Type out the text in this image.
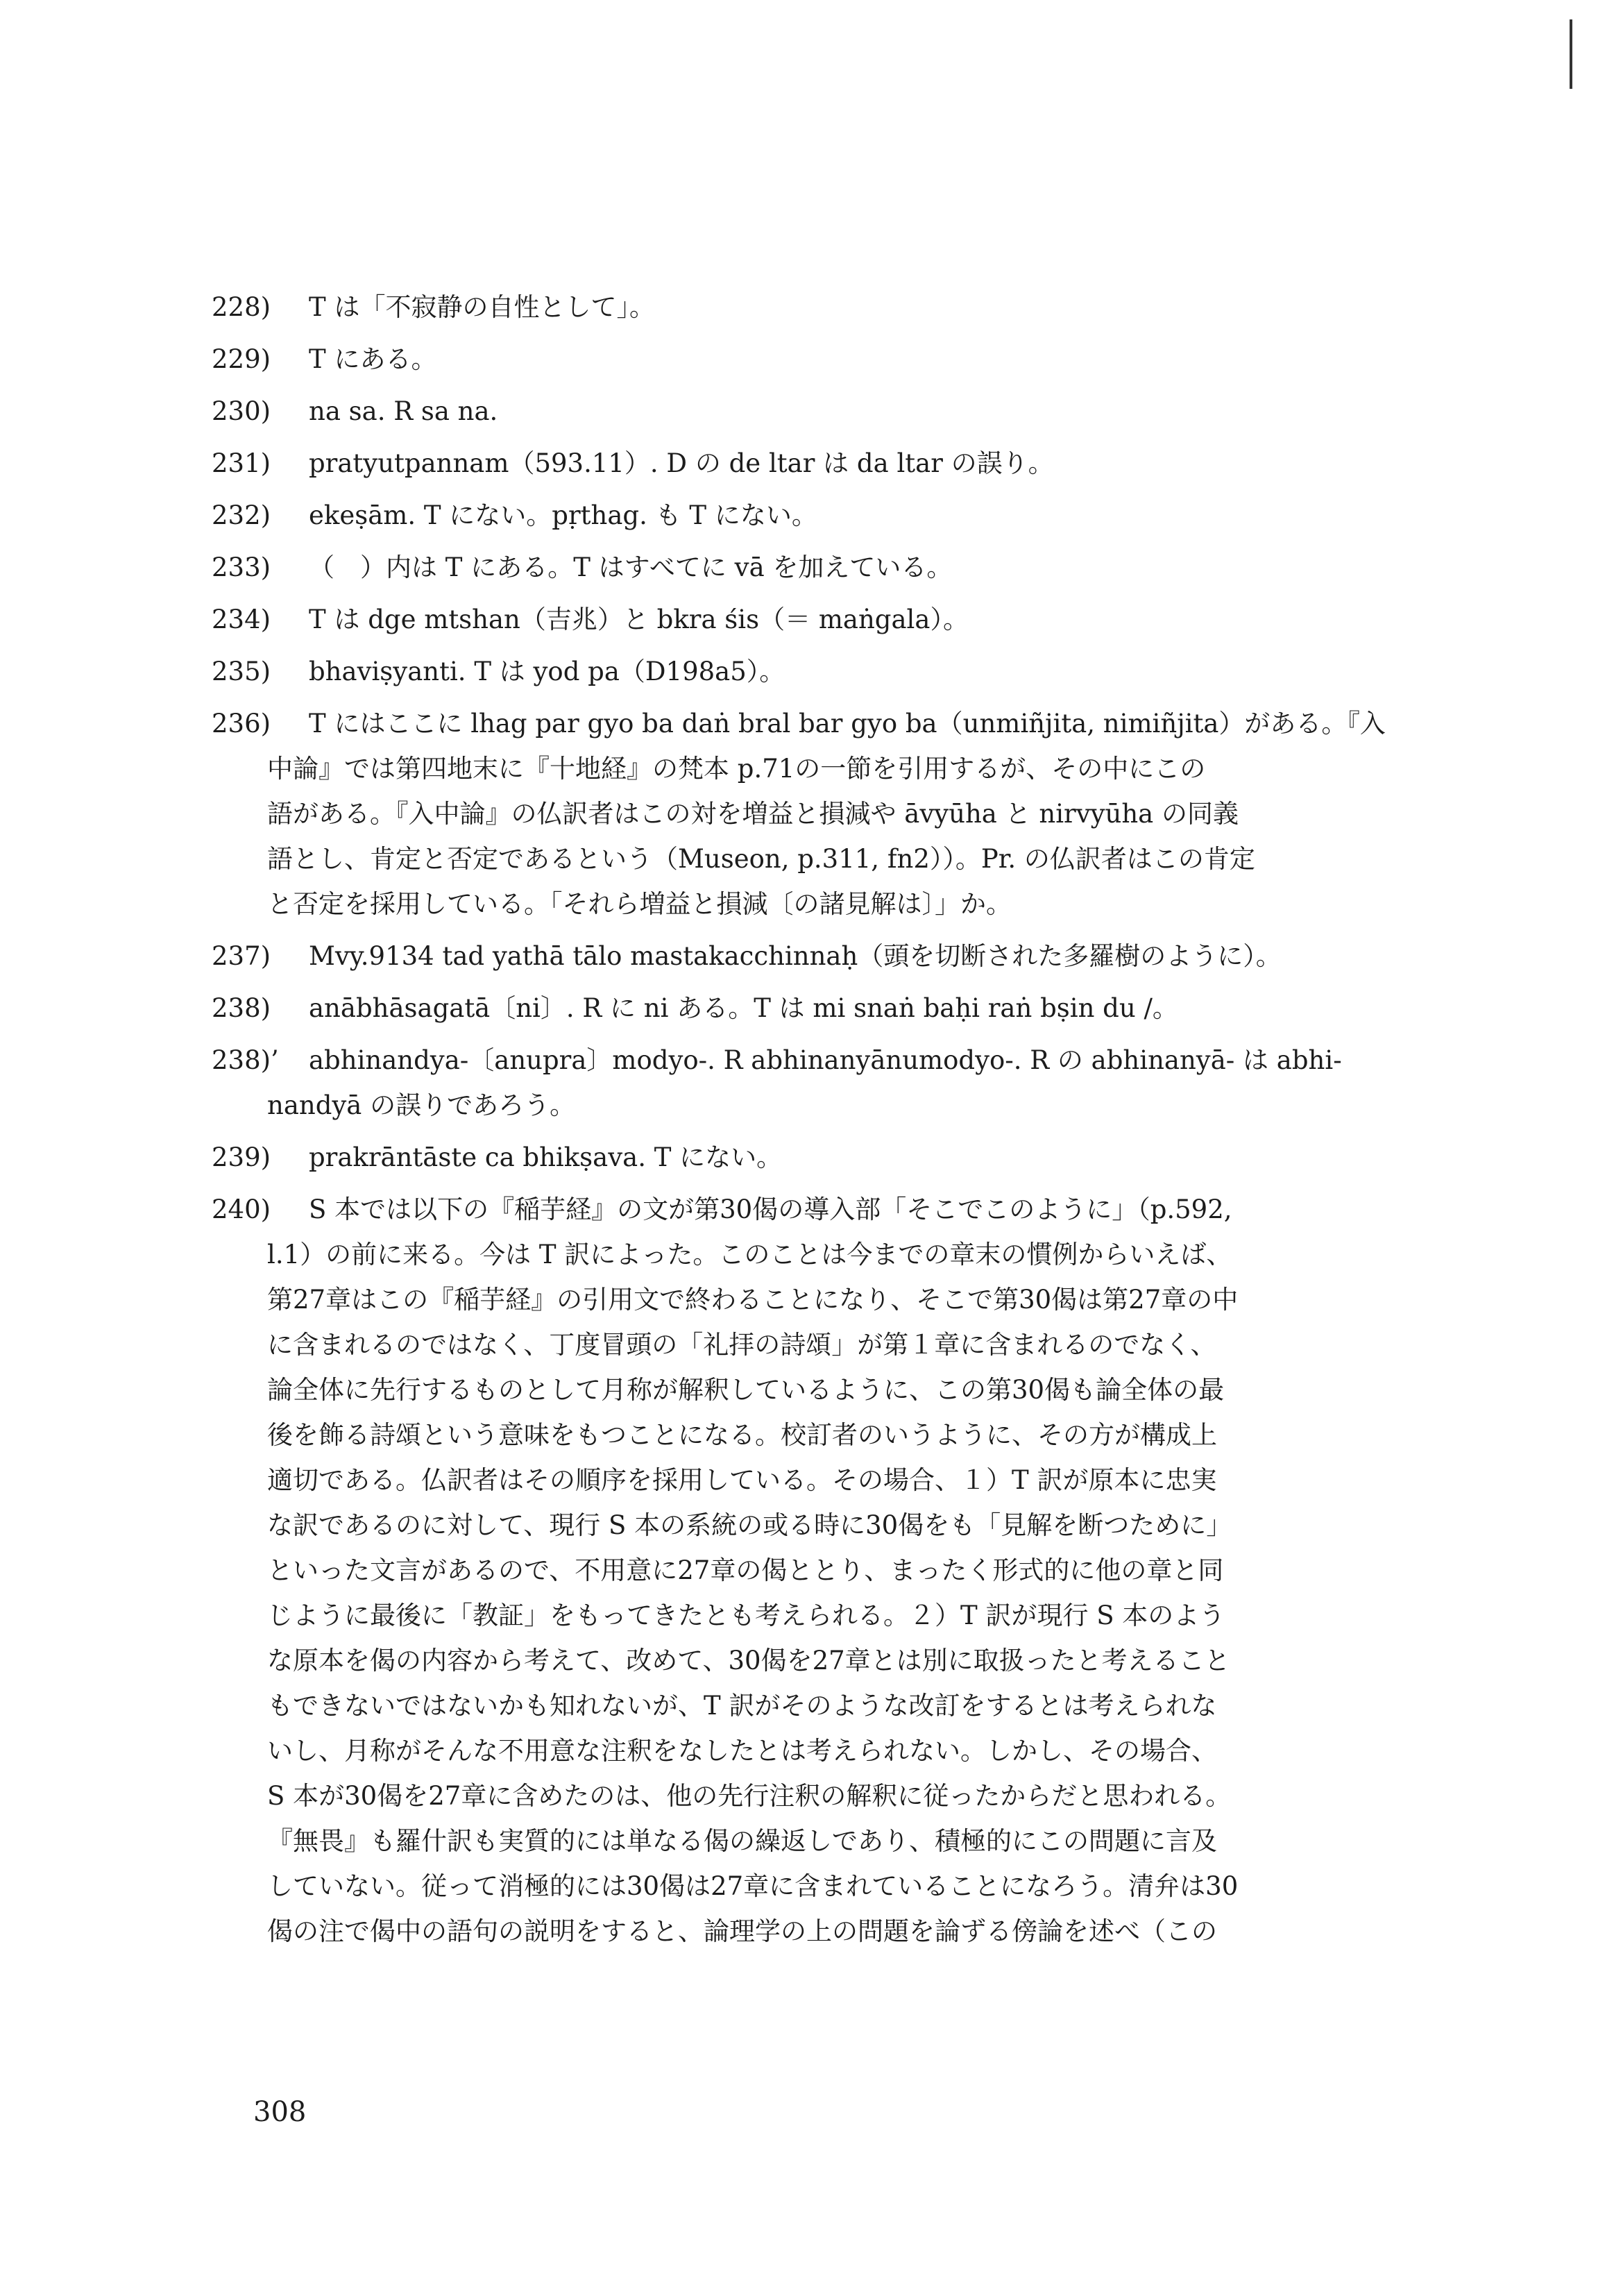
228)	T は「不寂静の自性として」。
229)	T にある。
230)	na sa. R sa na.
231)	pratyutpannam（593.11）. D の de ltar は da ltar の誤り。
232)	ekeṣām. T にない。pṛthag. も T にない。
233)	（　）内は T にある。T はすべてに vā を加えている。
234)	T は dge mtshan（吉兆）と bkra śis（＝ maṅgala）。
235)	bhaviṣyanti. T は yod pa（D198a5）。
236)	T にはここに lhag par gyo ba daṅ bral bar gyo ba（unmiñjita, nimiñjita）がある。『入
中論』では第四地末に『十地経』の梵本 p.71の一節を引用するが、その中にこの
語がある。『入中論』の仏訳者はこの対を増益と損減や āvyūha と nirvyūha の同義
語とし、肯定と否定であるという（Museon, p.311, fn2））。Pr. の仏訳者はこの肯定
と否定を採用している。「それら増益と損減〔の諸見解は〕」か。
237)	Mvy.9134 tad yathā tālo mastakacchinnaḥ（頭を切断された多羅樹のように）。
238)	anābhāsagatā〔ni〕. R に ni ある。T は mi snaṅ baḥi raṅ bṣin du /。
238)’	abhinandya-〔anupra〕modyo-. R abhinanyānumodyo-. R の abhinanyā- は abhi-
nandyā の誤りであろう。
239)	prakrāntāste ca bhikṣava. T にない。
240)	S 本では以下の『稲芋経』の文が第30偈の導入部「そこでこのように」（p.592,
l.1）の前に来る。今は T 訳によった。このことは今までの章末の慣例からいえば、
第27章はこの『稲芋経』の引用文で終わることになり、そこで第30偈は第27章の中
に含まれるのではなく、丁度冒頭の「礼拝の詩頌」が第１章に含まれるのでなく、
論全体に先行するものとして月称が解釈しているように、この第30偈も論全体の最
後を飾る詩頌という意味をもつことになる。校訂者のいうように、その方が構成上
適切である。仏訳者はその順序を採用している。その場合、１）T 訳が原本に忠実
な訳であるのに対して、現行 S 本の系統の或る時に30偈をも「見解を断つために」
といった文言があるので、不用意に27章の偈ととり、まったく形式的に他の章と同
じように最後に「教証」をもってきたとも考えられる。２）T 訳が現行 S 本のよう
な原本を偈の内容から考えて、改めて、30偈を27章とは別に取扱ったと考えること
もできないではないかも知れないが、T 訳がそのような改訂をするとは考えられな
いし、月称がそんな不用意な注釈をなしたとは考えられない。しかし、その場合、
S 本が30偈を27章に含めたのは、他の先行注釈の解釈に従ったからだと思われる。
『無畏』も羅什訳も実質的には単なる偈の繰返しであり、積極的にこの問題に言及
していない。従って消極的には30偈は27章に含まれていることになろう。清弁は30
偈の注で偈中の語句の説明をすると、論理学の上の問題を論ずる傍論を述べ（この
308
